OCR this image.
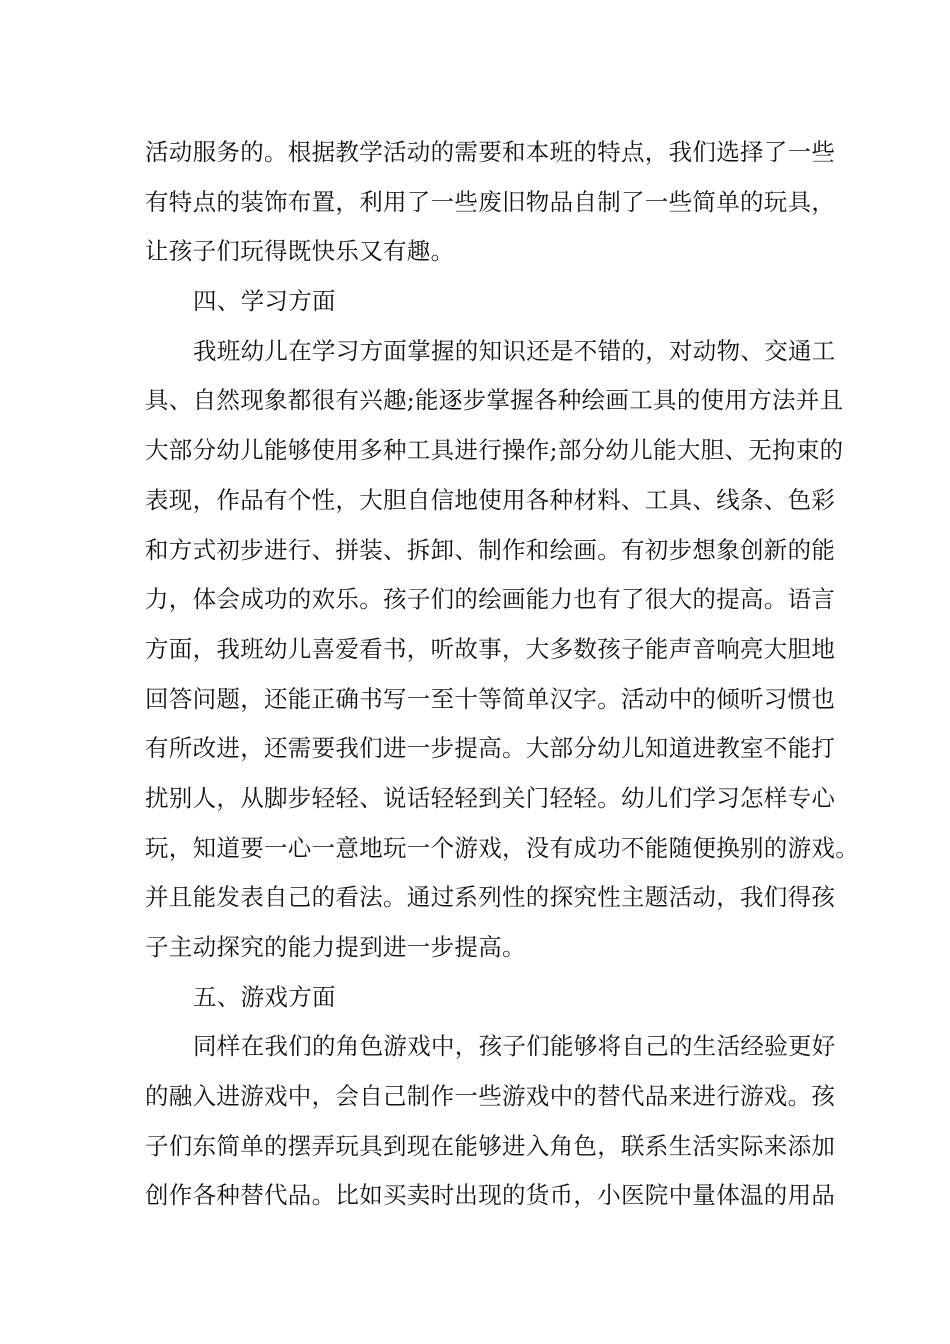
活动服务的。根据教学活动的需要和本班的特点，我们选择了一些
有特点的装饰布置，利用了一些废旧物品自制了一些简单的玩具，
让孩子们玩得既快乐又有趣。
四、学习方面
我班幼儿在学习方面掌握的知识还是不错的，对动物、交通工
具、自然现象都很有兴趣;能逐步掌握各种绘画工具的使用方法并且
大部分幼儿能够使用多种工具进行操作;部分幼儿能大胆、无拘束的
表现，作品有个性，大胆自信地使用各种材料、工具、线条、色彩
和方式初步进行、拼装、拆卸、制作和绘画。有初步想象创新的能
力，体会成功的欢乐。孩子们的绘画能力也有了很大的提高。语言
方面，我班幼儿喜爱看书，听故事，大多数孩子能声音响亮大胆地
回答问题，还能正确书写一至十等简单汉字。活动中的倾听习惯也
有所改进，还需要我们进一步提高。大部分幼儿知道进教室不能打
扰别人，从脚步轻轻、说话轻轻到关门轻轻。幼儿们学习怎样专心
玩，知道要一心一意地玩一个游戏，没有成功不能随便换别的游戏。
并且能发表自己的看法。通过系列性的探究性主题活动，我们得孩
子主动探究的能力提到进一步提高。
五、游戏方面
同样在我们的角色游戏中，孩子们能够将自己的生活经验更好
的融入进游戏中，会自己制作一些游戏中的替代品来进行游戏。孩
子们东简单的摆弄玩具到现在能够进入角色，联系生活实际来添加
创作各种替代品。比如买卖时出现的货币，小医院中量体温的用品
